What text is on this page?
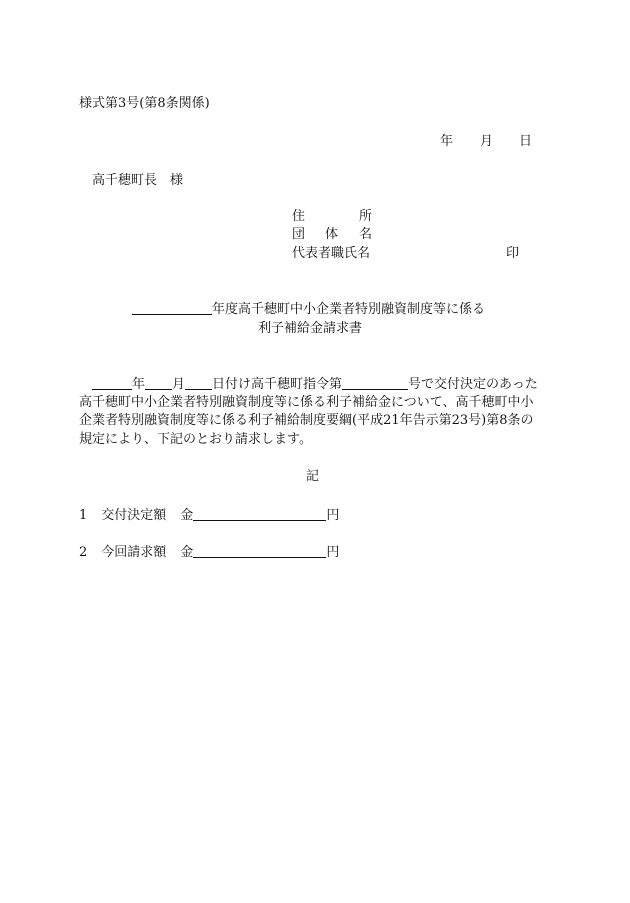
様式第3号(第8条関係)
年 月 日
高千穂町長　様
住	所
団 体 名
代表者職氏名	印
年度高千穂町中小企業者特別融資制度等に係る
利子補給金請求書
年 月 日付け高千穂町指令第	号で交付決定のあった
高千穂町中小企業者特別融資制度等に係る利子補給金について、高千穂町中小
企業者特別融資制度等に係る利子補給制度要綱(平成21年告示第23号)第8条の
規定により、下記のとおり請求します。
記
1 交付決定額 金	円
2 今回請求額 金	円
